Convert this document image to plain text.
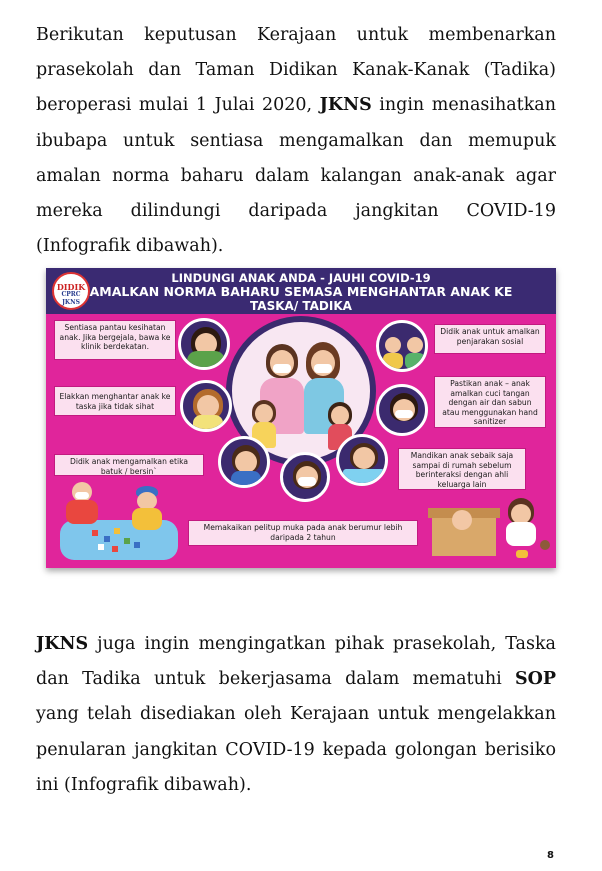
Berikutan keputusan Kerajaan untuk membenarkan prasekolah dan Taman Didikan Kanak-Kanak (Tadika) beroperasi mulai 1 Julai 2020, JKNS ingin menasihatkan ibubapa untuk sentiasa mengamalkan dan memupuk amalan norma baharu dalam kalangan anak-anak agar mereka dilindungi daripada jangkitan COVID-19 (Infografik dibawah).

LINDUNGI ANAK ANDA - JAUHI COVID-19
AMALKAN NORMA BAHARU SEMASA MENGHANTAR ANAK KE
TASKA/ TADIKA
DIDIK
CPRC JKNS
Sentiasa pantau kesihatan anak. Jika bergejala, bawa ke klinik berdekatan.
Elakkan menghantar anak ke taska jika tidak sihat
Didik anak mengamalkan etika batuk / bersin`
Memakaikan pelitup muka pada anak berumur lebih daripada 2 tahun
Mandikan anak sebaik saja sampai di rumah sebelum berinteraksi dengan ahli keluarga lain
Pastikan anak – anak amalkan cuci tangan dengan air dan sabun atau menggunakan hand sanitizer
Didik anak untuk amalkan penjarakan sosial

JKNS juga ingin mengingatkan pihak prasekolah, Taska dan Tadika untuk bekerjasama dalam mematuhi SOP yang telah disediakan oleh Kerajaan untuk mengelakkan penularan jangkitan COVID-19 kepada golongan berisiko ini (Infografik dibawah).

8
